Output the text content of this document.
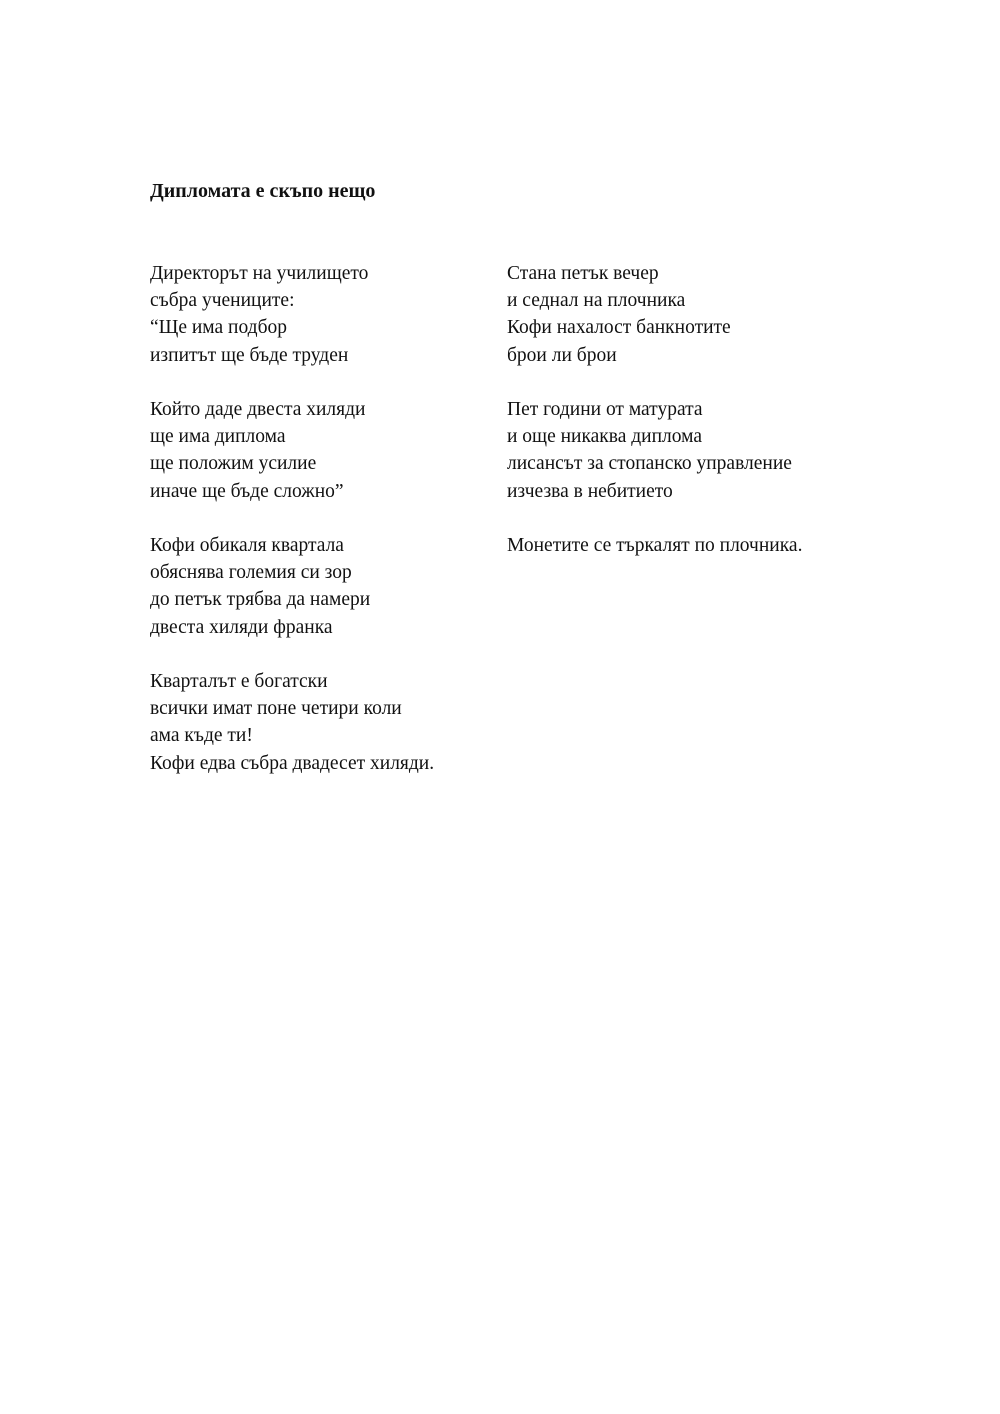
Дипломата е скъпо нещо
Директорът на училището
събра учениците:
“Ще има подбор
изпитът ще бъде труден
Който даде двеста хиляди
ще има диплома
ще положим усилие
иначе ще бъде сложно”
Кофи обикаля квартала
обяснява големия си зор
до петък трябва да намери
двеста хиляди франка
Кварталът е богатски
всички имат поне четири коли
ама къде ти!
Кофи едва събра двадесет хиляди.
Стана петък вечер
и седнал на плочника
Кофи нахалост банкнотите
брои ли брои
Пет години от матурата
и още никаква диплома
лисансът за стопанско управление
изчезва в небитието
Монетите се търкалят по плочника.
